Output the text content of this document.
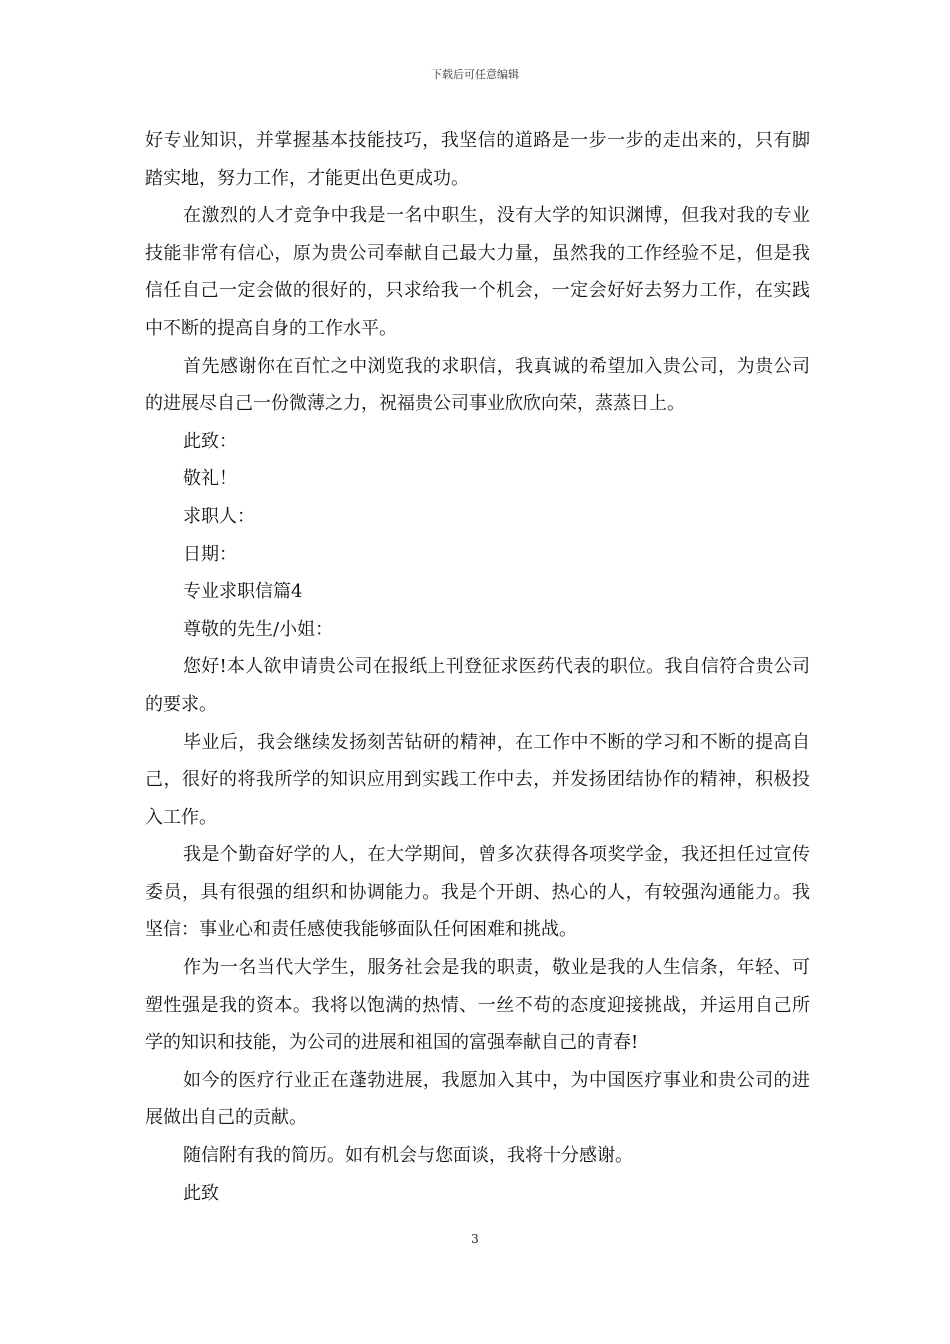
下载后可任意编辑

好专业知识，并掌握基本技能技巧，我坚信的道路是一步一步的走出来的，只有脚踏实地，努力工作，才能更出色更成功。

在激烈的人才竞争中我是一名中职生，没有大学的知识渊博，但我对我的专业技能非常有信心，原为贵公司奉献自己最大力量，虽然我的工作经验不足，但是我信任自己一定会做的很好的，只求给我一个机会，一定会好好去努力工作，在实践中不断的提高自身的工作水平。

首先感谢你在百忙之中浏览我的求职信，我真诚的希望加入贵公司，为贵公司的进展尽自己一份微薄之力，祝福贵公司事业欣欣向荣，蒸蒸日上。

此致：

敬礼！

求职人：

日期：

专业求职信篇4

尊敬的先生/小姐：

您好!本人欲申请贵公司在报纸上刊登征求医药代表的职位。我自信符合贵公司的要求。

毕业后，我会继续发扬刻苦钻研的精神，在工作中不断的学习和不断的提高自己，很好的将我所学的知识应用到实践工作中去，并发扬团结协作的精神，积极投入工作。

我是个勤奋好学的人，在大学期间，曾多次获得各项奖学金，我还担任过宣传委员，具有很强的组织和协调能力。我是个开朗、热心的人，有较强沟通能力。我坚信：事业心和责任感使我能够面队任何困难和挑战。

作为一名当代大学生，服务社会是我的职责，敬业是我的人生信条，年轻、可塑性强是我的资本。我将以饱满的热情、一丝不苟的态度迎接挑战，并运用自己所学的知识和技能，为公司的进展和祖国的富强奉献自己的青春!

如今的医疗行业正在蓬勃进展，我愿加入其中，为中国医疗事业和贵公司的进展做出自己的贡献。

随信附有我的简历。如有机会与您面谈，我将十分感谢。

此致

3
